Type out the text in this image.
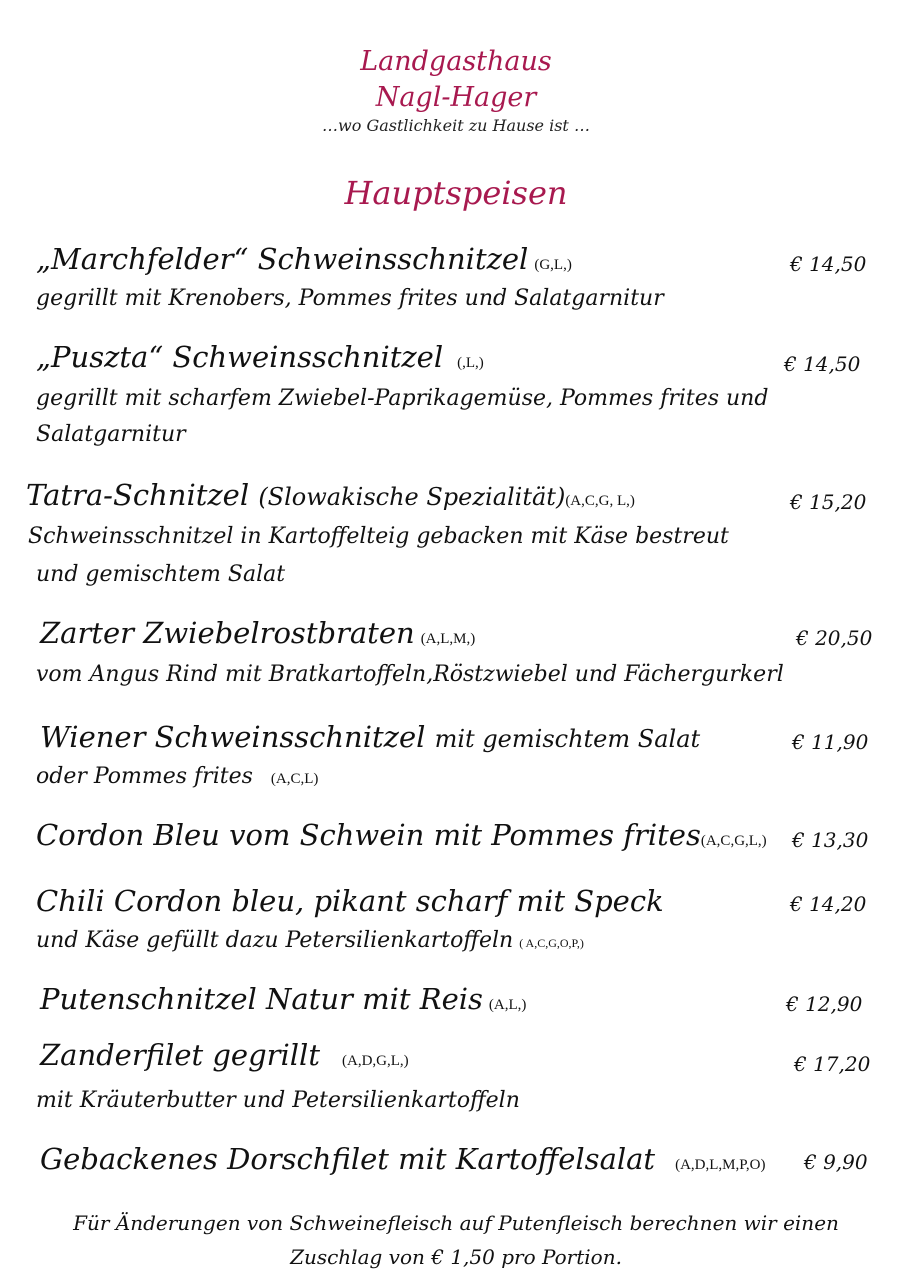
Landgasthaus
Nagl-Hager
…wo Gastlichkeit zu Hause ist …
Hauptspeisen
„Marchfelder“ Schweinsschnitzel (G,L,)	€ 14,50
gegrillt mit Krenobers, Pommes frites und Salatgarnitur
„Puszta“ Schweinsschnitzel (,L,)	€ 14,50
gegrillt mit scharfem Zwiebel-Paprikagemüse, Pommes frites und
Salatgarnitur
Tatra-Schnitzel (Slowakische Spezialität)(A,C,G, L,)	€ 15,20
Schweinsschnitzel in Kartoffelteig gebacken mit Käse bestreut
und gemischtem Salat
Zarter Zwiebelrostbraten (A,L,M,)	€ 20,50
vom Angus Rind mit Bratkartoffeln,Röstzwiebel und Fächergurkerl
Wiener Schweinsschnitzel mit gemischtem Salat	€ 11,90
oder Pommes frites (A,C,L)
Cordon Bleu vom Schwein mit Pommes frites(A,C,G,L,) € 13,30
Chili Cordon bleu, pikant scharf mit Speck	€ 14,20
und Käse gefüllt dazu Petersilienkartoffeln ( A,C,G,O,P,)
Putenschnitzel Natur mit Reis (A,L,)	€ 12,90
Zanderfilet gegrillt (A,D,G,L,)	€ 17,20
mit Kräuterbutter und Petersilienkartoffeln
Gebackenes Dorschfilet mit Kartoffelsalat (A,D,L,M,P,O) € 9,90
Für Änderungen von Schweinefleisch auf Putenfleisch berechnen wir einen
Zuschlag von € 1,50 pro Portion.
